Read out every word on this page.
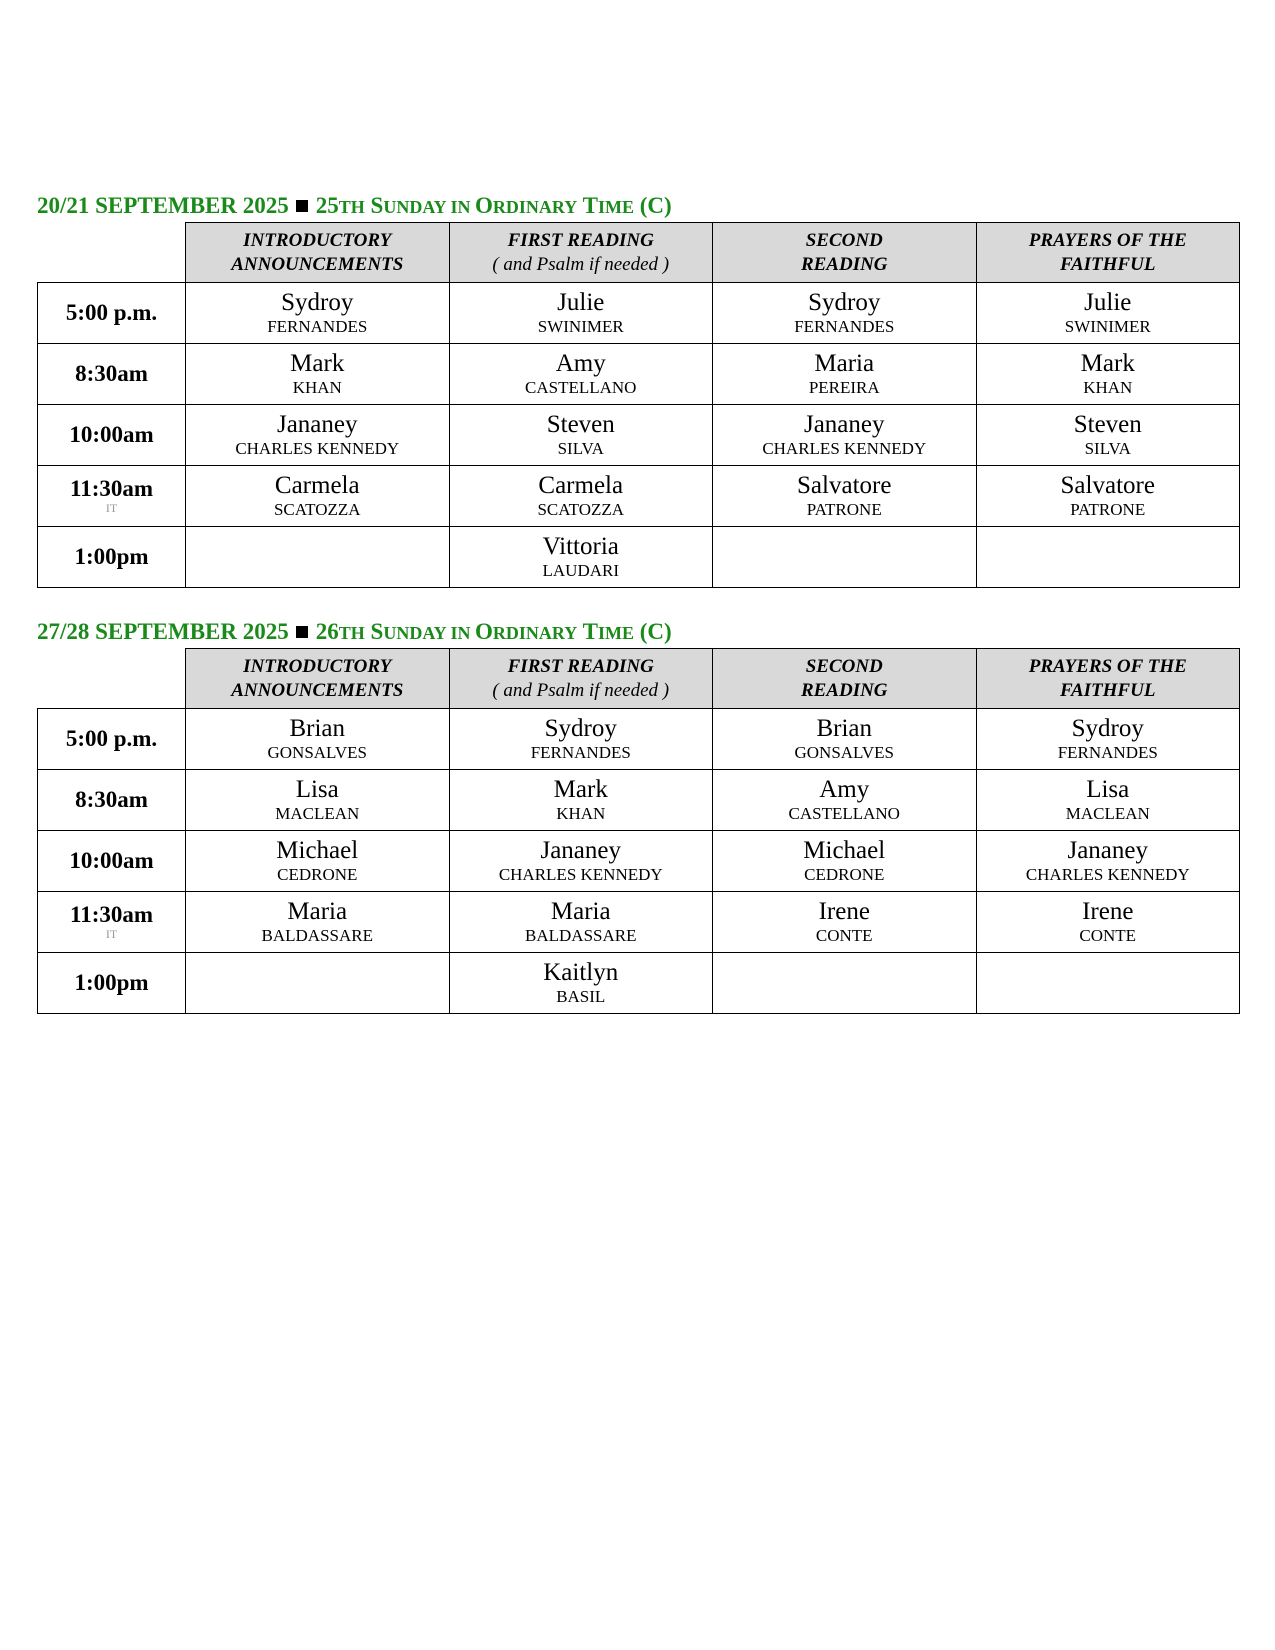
20/21 SEPTEMBER 2025 25TH SUNDAY IN ORDINARY TIME (C)

	INTRODUCTORY
ANNOUNCEMENTS	FIRST READING
( and Psalm if needed )	SECOND
READING	PRAYERS OF THE
FAITHFUL

5:00 p.m.	Sydroy
FERNANDES	Julie
SWINIMER	Sydroy
FERNANDES	Julie
SWINIMER

8:30am	Mark
KHAN	Amy
CASTELLANO	Maria
PEREIRA	Mark
KHAN

10:00am	Jananey
CHARLES KENNEDY	Steven
SILVA	Jananey
CHARLES KENNEDY	Steven
SILVA

11:30am
IT	Carmela
SCATOZZA	Carmela
SCATOZZA	Salvatore
PATRONE	Salvatore
PATRONE

1:00pm		Vittoria
LAUDARI		

27/28 SEPTEMBER 2025 26TH SUNDAY IN ORDINARY TIME (C)

	INTRODUCTORY
ANNOUNCEMENTS	FIRST READING
( and Psalm if needed )	SECOND
READING	PRAYERS OF THE
FAITHFUL

5:00 p.m.	Brian
GONSALVES	Sydroy
FERNANDES	Brian
GONSALVES	Sydroy
FERNANDES

8:30am	Lisa
MACLEAN	Mark
KHAN	Amy
CASTELLANO	Lisa
MACLEAN

10:00am	Michael
CEDRONE	Jananey
CHARLES KENNEDY	Michael
CEDRONE	Jananey
CHARLES KENNEDY

11:30am
IT	Maria
BALDASSARE	Maria
BALDASSARE	Irene
CONTE	Irene
CONTE

1:00pm		Kaitlyn
BASIL		
